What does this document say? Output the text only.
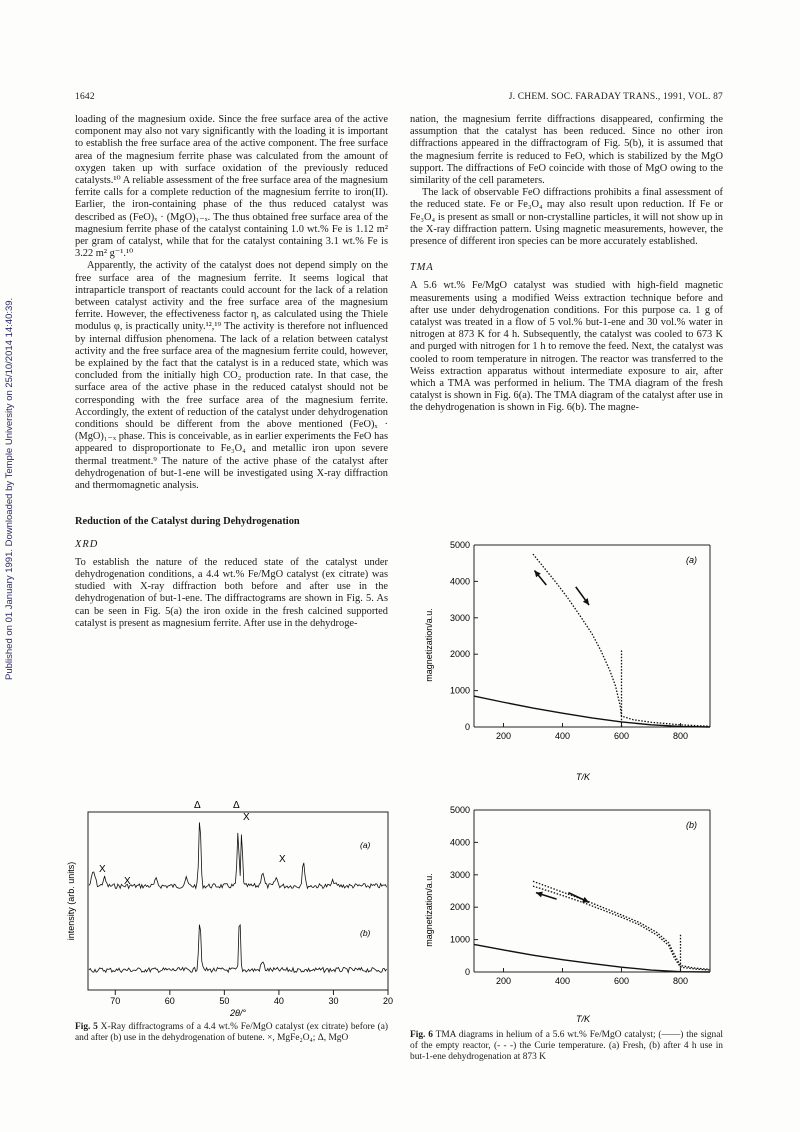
Published on 01 January 1991. Downloaded by Temple University on 25/10/2014 14:40:39.
1642	J. CHEM. SOC. FARADAY TRANS., 1991, VOL. 87

loading of the magnesium oxide. Since the free surface area of the active component may also not vary significantly with the loading it is important to establish the free surface area of the active component. The free surface area of the magnesium ferrite phase was calculated from the amount of oxygen taken up with surface oxidation of the previously reduced catalysts.¹⁰ A reliable assessment of the free surface area of the magnesium ferrite calls for a complete reduction of the magnesium ferrite to iron(II). Earlier, the iron-containing phase of the thus reduced catalyst was described as (FeO)ₓ · (MgO)₁₋ₓ. The thus obtained free surface area of the magnesium ferrite phase of the catalyst containing 1.0 wt.% Fe is 1.12 m² per gram of catalyst, while that for the catalyst containing 3.1 wt.% Fe is 3.22 m² g⁻¹.¹⁰

Apparently, the activity of the catalyst does not depend simply on the free surface area of the magnesium ferrite. It seems logical that intraparticle transport of reactants could account for the lack of a relation between catalyst activity and the free surface area of the magnesium ferrite. However, the effectiveness factor η, as calculated using the Thiele modulus φ, is practically unity.¹²,¹⁹ The activity is therefore not influenced by internal diffusion phenomena. The lack of a relation between catalyst activity and the free surface area of the magnesium ferrite could, however, be explained by the fact that the catalyst is in a reduced state, which was concluded from the initially high CO₂ production rate. In that case, the surface area of the active phase in the reduced catalyst should not be corresponding with the free surface area of the magnesium ferrite. Accordingly, the extent of reduction of the catalyst under dehydrogenation conditions should be different from the above mentioned (FeO)ₓ · (MgO)₁₋ₓ phase. This is conceivable, as in earlier experiments the FeO has appeared to disproportionate to Fe₃O₄ and metallic iron upon severe thermal treatment.⁹ The nature of the active phase of the catalyst after dehydrogenation of but-1-ene will be investigated using X-ray diffraction and thermomagnetic analysis.

Reduction of the Catalyst during Dehydrogenation
XRD

To establish the nature of the reduced state of the catalyst under dehydrogenation conditions, a 4.4 wt.% Fe/MgO catalyst (ex citrate) was studied with X-ray diffraction both before and after use in the dehydrogenation of but-1-ene. The diffractograms are shown in Fig. 5. As can be seen in Fig. 5(a) the iron oxide in the fresh calcined supported catalyst is present as magnesium ferrite. After use in the dehydroge-

nation, the magnesium ferrite diffractions disappeared, confirming the assumption that the catalyst has been reduced. Since no other iron diffractions appeared in the diffractogram of Fig. 5(b), it is assumed that the magnesium ferrite is reduced to FeO, which is stabilized by the MgO support. The diffractions of FeO coincide with those of MgO owing to the similarity of the cell parameters.

The lack of observable FeO diffractions prohibits a final assessment of the reduced state. Fe or Fe₃O₄ may also result upon reduction. If Fe or Fe₃O₄ is present as small or non-crystalline particles, it will not show up in the X-ray diffraction pattern. Using magnetic measurements, however, the presence of different iron species can be more accurately established.

TMA

A 5.6 wt.% Fe/MgO catalyst was studied with high-field magnetic measurements using a modified Weiss extraction technique before and after use under dehydrogenation conditions. For this purpose ca. 1 g of catalyst was treated in a flow of 5 vol.% but-1-ene and 30 vol.% water in nitrogen at 873 K for 4 h. Subsequently, the catalyst was cooled to 673 K and purged with nitrogen for 1 h to remove the feed. Next, the catalyst was cooled to room temperature in nitrogen. The reactor was transferred to the Weiss extraction apparatus without intermediate exposure to air, after which a TMA was performed in helium. The TMA diagram of the fresh catalyst is shown in Fig. 6(a). The TMA diagram of the catalyst after use in the dehydrogenation is shown in Fig. 6(b). The magne-

intensity (arb. units)
70	60	50	40	30	20
(a)
(b)
X
X
X
X
Δ	Δ
2θ/°
Fig. 5 X-Ray diffractograms of a 4.4 wt.% Fe/MgO catalyst (ex citrate) before (a) and after (b) use in the dehydrogenation of butene. ×, MgFe₂O₄; Δ, MgO
magnetization/a.u.
T/K
(a)
0
1000
2000
3000
4000
5000
200	400	600	800
magnetization/a.u.
T/K
(b)
0
1000
2000
3000
4000
5000
200	400	600	800
Fig. 6 TMA diagrams in helium of a 5.6 wt.% Fe/MgO catalyst; (——) the signal of the empty reactor, (- - -) the Curie temperature. (a) Fresh, (b) after 4 h use in but-1-ene dehydrogenation at 873 K
